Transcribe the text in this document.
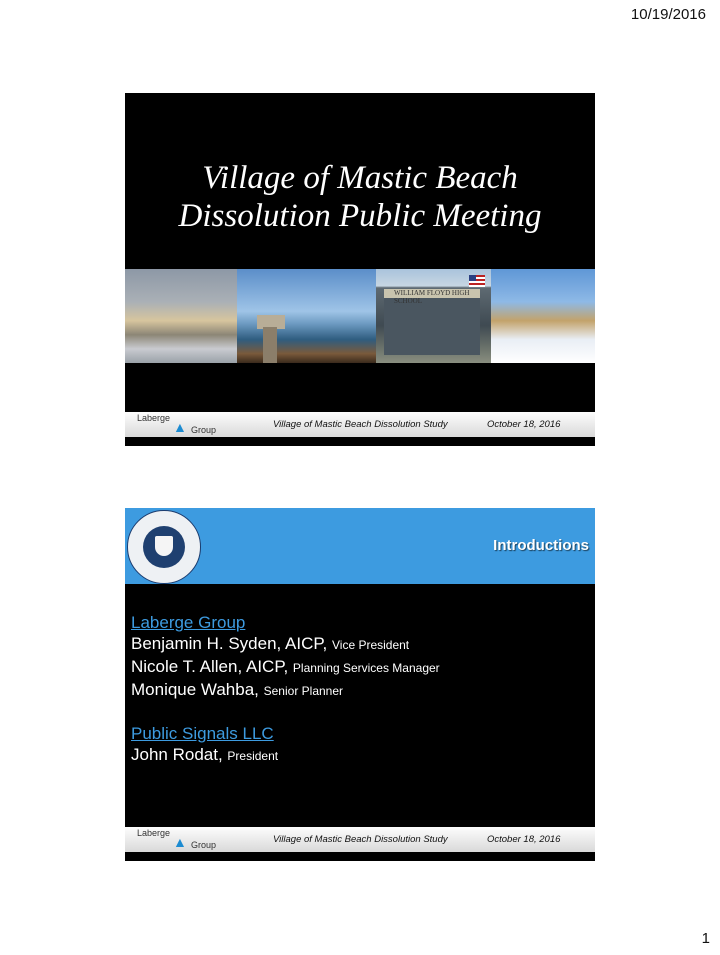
10/19/2016
Village of Mastic Beach
Dissolution Public Meeting
WILLIAM FLOYD HIGH SCHOOL
Laberge
▲ Group	Village of Mastic Beach Dissolution Study	October 18, 2016
Introductions
Laberge Group
Benjamin H. Syden, AICP, Vice President
Nicole T. Allen, AICP, Planning Services Manager
Monique Wahba, Senior Planner
Public Signals LLC
John Rodat, President
Laberge
▲ Group	Village of Mastic Beach Dissolution Study	October 18, 2016
1
